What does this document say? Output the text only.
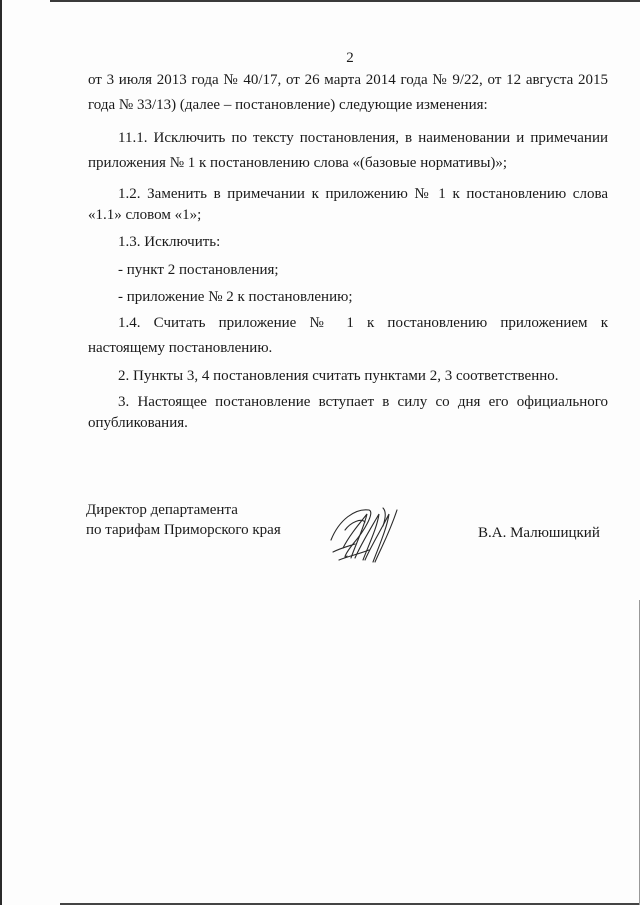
2
от 3 июля 2013 года № 40/17, от 26 марта 2014 года № 9/22, от 12 августа 2015
года № 33/13) (далее – постановление) следующие изменения:
11.1. Исключить по тексту постановления, в наименовании и примечании
приложения № 1 к постановлению слова «(базовые нормативы)»;
1.2. Заменить в примечании к приложению № 1 к постановлению слова
«1.1» словом «1»;
1.3. Исключить:
- пункт 2 постановления;
- приложение № 2 к постановлению;
1.4. Считать приложение № 1 к постановлению приложением к
настоящему постановлению.
2. Пункты 3, 4 постановления считать пунктами 2, 3 соответственно.
3. Настоящее постановление вступает в силу со дня его официального
опубликования.
Директор департамента
по тарифам Приморского края	В.А. Малюшицкий
